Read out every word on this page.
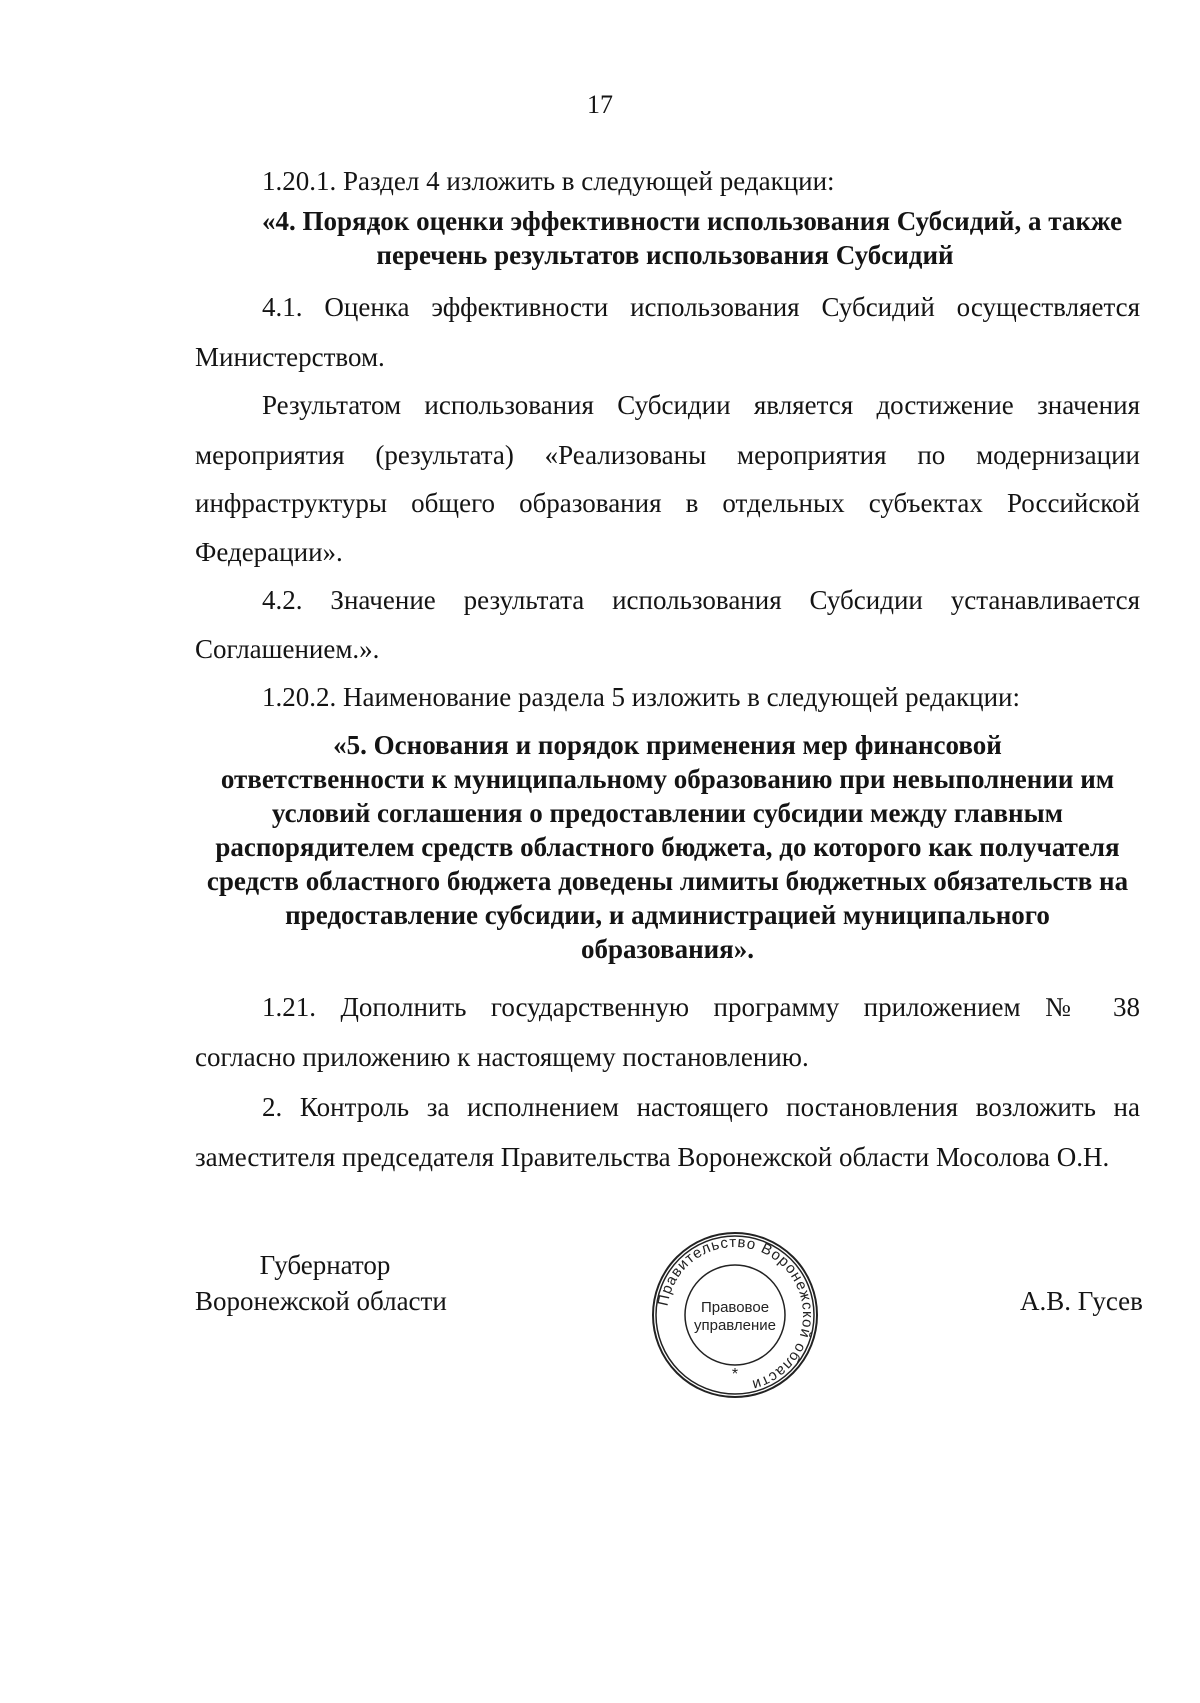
17

1.20.1. Раздел 4 изложить в следующей редакции:

«4. Порядок оценки эффективности использования Субсидий, а также

перечень результатов использования Субсидий

4.1. Оценка эффективности использования Субсидий осуществляется

Министерством.

Результатом использования Субсидии является достижение значения

мероприятия (результата) «Реализованы мероприятия по модернизации

инфраструктуры общего образования в отдельных субъектах Российской

Федерации».

4.2. Значение результата использования Субсидии устанавливается

Соглашением.».

1.20.2. Наименование раздела 5 изложить в следующей редакции:

«5. Основания и порядок применения мер финансовой

ответственности к муниципальному образованию при невыполнении им

условий соглашения о предоставлении субсидии между главным

распорядителем средств областного бюджета, до которого как получателя

средств областного бюджета доведены лимиты бюджетных обязательств на

предоставление субсидии, и администрацией муниципального

образования».

1.21. Дополнить государственную программу приложением № 38

согласно приложению к настоящему постановлению.

2. Контроль за исполнением настоящего постановления возложить на

заместителя председателя Правительства Воронежской области Мосолова О.Н.

Губернатор

Воронежской области	А.В. Гусев

Правительство Воронежской области
Правовое
управление
*
